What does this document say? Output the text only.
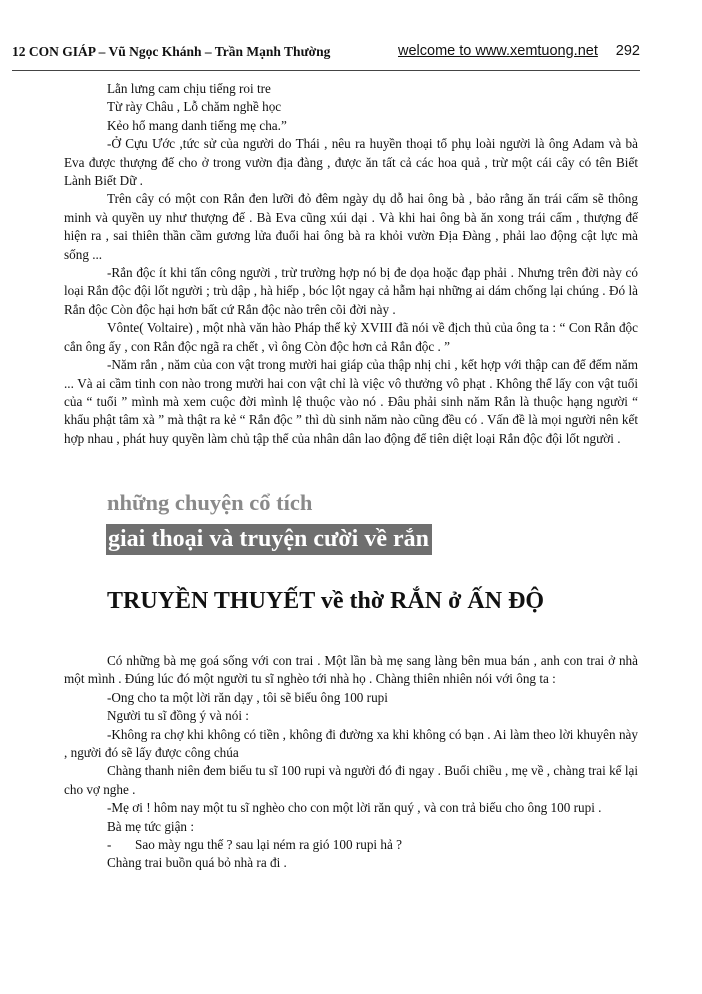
12 CON GIÁP – Vũ Ngọc Khánh – Trần Mạnh Thường	welcome to www.xemtuong.net 292

Lằn lưng cam chịu tiếng roi tre

Từ rày Châu , Lỗ chăm nghề học

Kẻo hổ mang danh tiếng mẹ cha.”

-Ở Cựu Ước ,tức sử của người do Thái , nêu ra huyền thoại tổ phụ loài người là ông Adam và bà Eva được thượng đế cho ở trong vườn địa đàng , được ăn tất cả các hoa quả , trừ một cái cây có tên Biết Lành Biết Dữ .

Trên cây có một con Rắn đen lưỡi đỏ đêm ngày dụ dỗ hai ông bà , bảo rằng ăn trái cấm sẽ thông minh và quyền uy như thượng đế . Bà Eva cũng xúi dại . Và khi hai ông bà ăn xong trái cấm , thượng đế hiện ra , sai thiên thần cầm gương lửa đuổi hai ông bà ra khỏi vườn Địa Đàng , phải lao động cật lực mà sống ...

-Rắn độc ít khi tấn công người , trừ trường hợp nó bị đe dọa hoặc đạp phải . Nhưng trên đời này có loại Rắn độc đội lốt người ; trù dập , hà hiếp , bóc lột ngay cả hẫm hại những ai dám chống lại chúng . Đó là Rắn độc Còn độc hại hơn bất cứ Rắn độc nào trên cõi đời này .

Vônte( Voltaire) , một nhà văn hào Pháp thế kỷ XVIII đã nói về địch thủ của ông ta : “ Con Rắn độc cắn ông ấy , con Rắn độc ngã ra chết , vì ông Còn độc hơn cả Rắn độc . ”

-Năm rắn , năm của con vật trong mười hai giáp của thập nhị chi , kết hợp với thập can để đếm năm ... Và ai cầm tinh con nào trong mười hai con vật chỉ là việc vô thưởng vô phạt . Không thể lấy con vật tuổi của “ tuổi ” mình mà xem cuộc đời mình lệ thuộc vào nó . Đâu phải sinh năm Rắn là thuộc hạng người “ khẩu phật tâm xà ” mà thật ra kẻ “ Rắn độc ” thì dù sinh năm nào cũng đều có . Vấn đề là mọi người nên kết hợp nhau , phát huy quyền làm chủ tập thể của nhân dân lao động để tiên diệt loại Rắn độc đội lốt người .

những chuyện cổ tích
giai thoại và truyện cười về rắn
TRUYỀN THUYẾT về thờ RẮN ở ẤN ĐỘ

Có những bà mẹ goá sống với con trai . Một lần bà mẹ sang làng bên mua bán , anh con trai ở nhà một mình . Đúng lúc đó một người tu sĩ nghèo tới nhà họ . Chàng thiên nhiên nói với ông ta :

-Ong cho ta một lời răn dạy , tôi sẽ biếu ông 100 rupi

Người tu sĩ đồng ý và nói :

-Không ra chợ khi không có tiền , không đi đường xa khi không có bạn . Ai làm theo lời khuyên này , người đó sẽ lấy được công chúa

Chàng thanh niên đem biếu tu sĩ 100 rupi và người đó đi ngay . Buổi chiều , mẹ về , chàng trai kể lại cho vợ nghe .

-Mẹ ơi ! hôm nay một tu sĩ nghèo cho con một lời răn quý , và con trả biếu cho ông 100 rupi .

Bà mẹ tức giận :

- Sao mày ngu thế ? sau lại ném ra gió 100 rupi hả ?

Chàng trai buồn quá bỏ nhà ra đi .
